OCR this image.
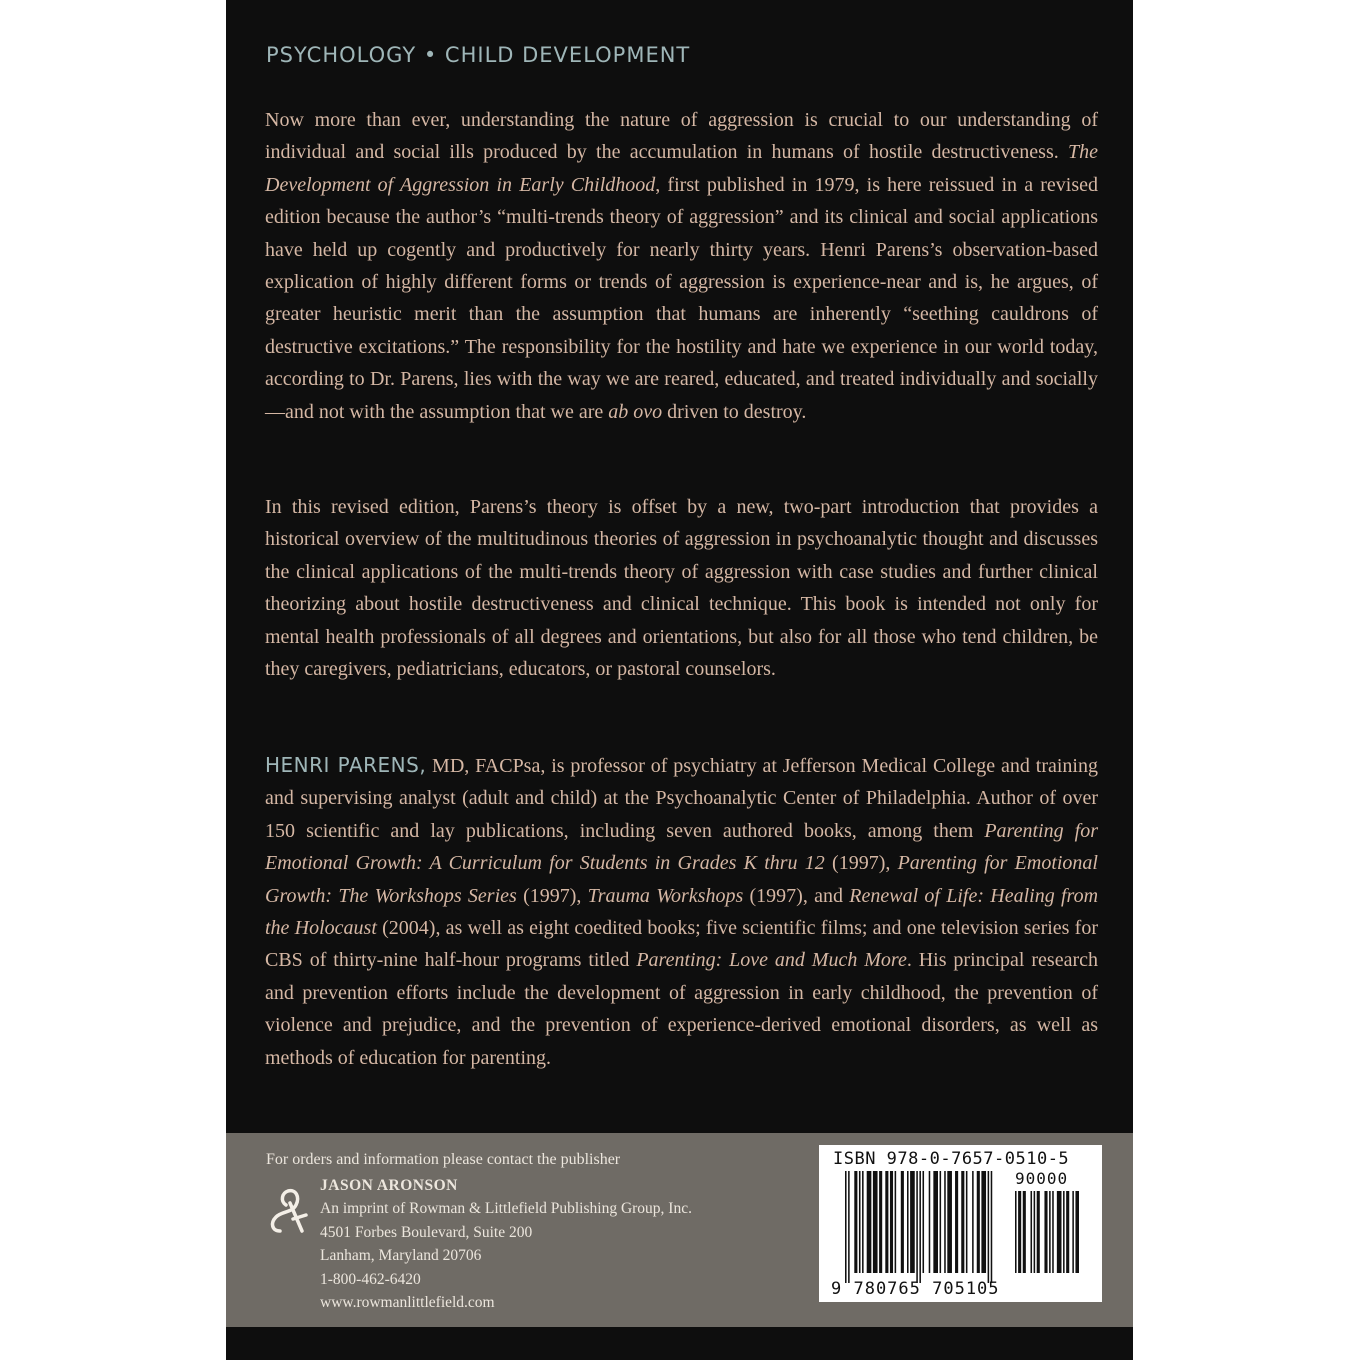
PSYCHOLOGY • CHILD DEVELOPMENT

Now more than ever, understanding the nature of aggression is crucial to our understanding of individual and social ills produced by the accumulation in humans of hostile destructiveness. The Development of Aggression in Early Childhood, first published in 1979, is here reissued in a revised edition because the author’s “multi-trends theory of aggression” and its clinical and social applications have held up cogently and productively for nearly thirty years. Henri Parens’s observation-based explication of highly different forms or trends of aggression is experience-near and is, he argues, of greater heuristic merit than the assumption that humans are inherently “seething cauldrons of destructive excitations.” The responsibility for the hostility and hate we experience in our world today, according to Dr. Parens, lies with the way we are reared, educated, and treated individually and socially—and not with the assumption that we are ab ovo driven to destroy.

In this revised edition, Parens’s theory is offset by a new, two-part introduction that provides a historical overview of the multitudinous theories of aggression in psychoanalytic thought and discusses the clinical applications of the multi-trends theory of aggression with case studies and further clinical theorizing about hostile destructiveness and clinical technique. This book is intended not only for mental health professionals of all degrees and orientations, but also for all those who tend children, be they caregivers, pediatricians, educators, or pastoral counselors.

HENRI PARENS, MD, FACPsa, is professor of psychiatry at Jefferson Medical College and training and supervising analyst (adult and child) at the Psychoanalytic Center of Philadelphia. Author of over 150 scientific and lay publications, including seven authored books, among them Parenting for Emotional Growth: A Curriculum for Students in Grades K thru 12 (1997), Parenting for Emotional Growth: The Workshops Series (1997), Trauma Workshops (1997), and Renewal of Life: Healing from the Holocaust (2004), as well as eight coedited books; five scientific films; and one television series for CBS of thirty-nine half-hour programs titled Parenting: Love and Much More. His principal research and prevention efforts include the development of aggression in early childhood, the prevention of violence and prejudice, and the prevention of experience-derived emotional disorders, as well as methods of education for parenting.

For orders and information please contact the publisher
JASON ARONSON
An imprint of Rowman & Littlefield Publishing Group, Inc.
4501 Forbes Boulevard, Suite 200
Lanham, Maryland 20706
1-800-462-6420
www.rowmanlittlefield.com
ISBN 978-0-7657-0510-5
90000
9 780765 705105
